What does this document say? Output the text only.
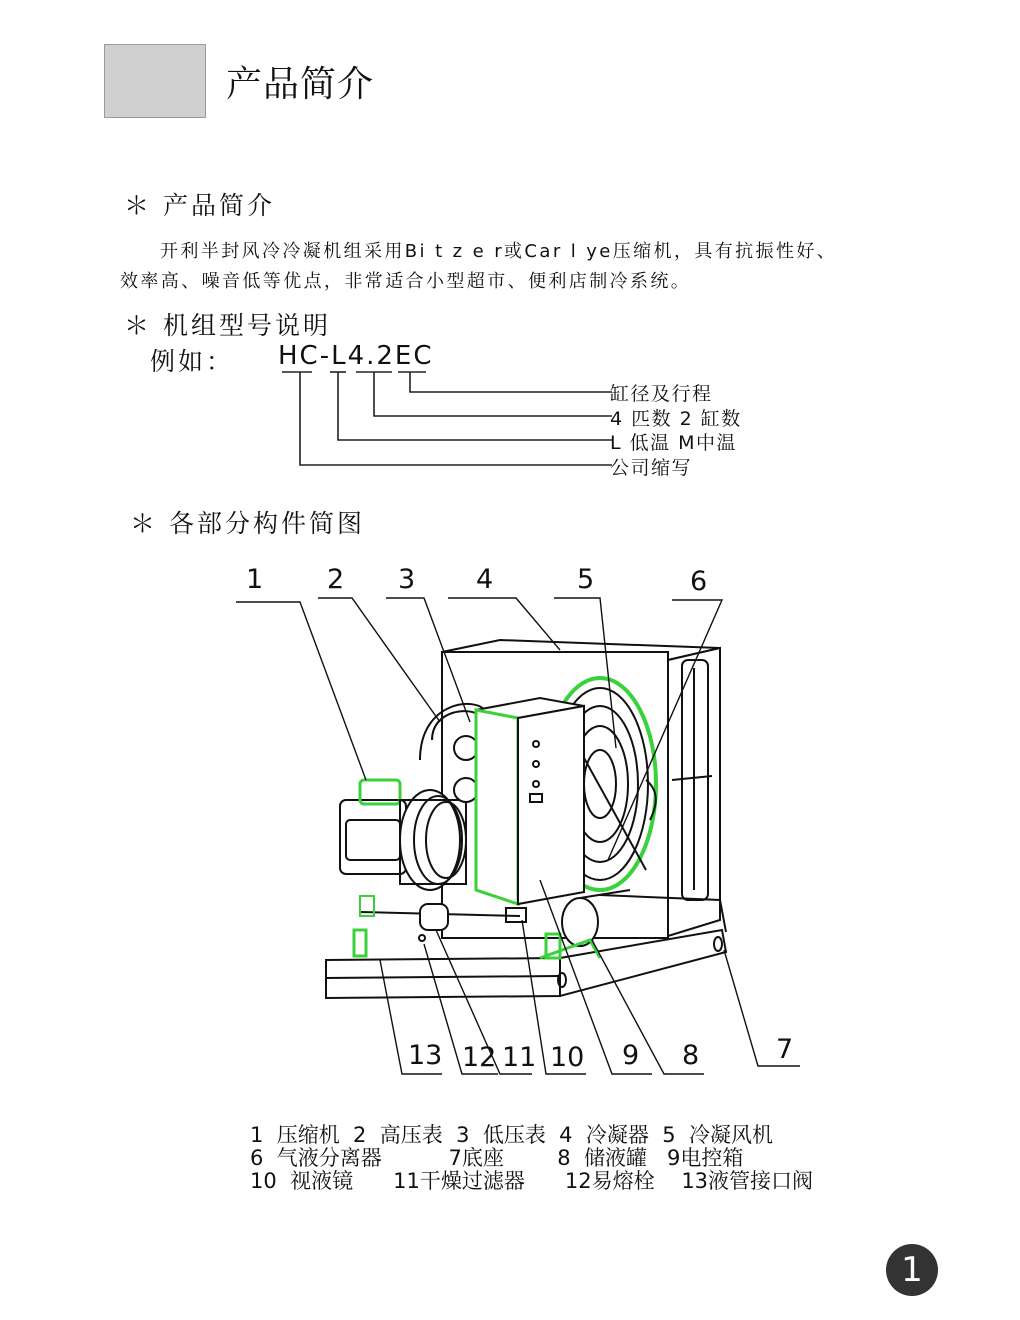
产品简介
＊ 产品简介
开利半封风冷冷凝机组采用Bi t z e r或Car l ye压缩机，具有抗振性好、
效率高、噪音低等优点，非常适合小型超市、便利店制冷系统。
＊ 机组型号说明
例如： HC-L4.2EC
缸径及行程
4 匹数 2 缸数
L 低温 M中温
公司缩写
＊ 各部分构件简图
1 2 3 4	5	6
13 12 11 10 9 8	7
1  压缩机  2  高压表  3  低压表  4  冷凝器  5  冷凝风机
6  气液分离器          7底座        8  储液罐   9电控箱
10  视液镜      11干燥过滤器      12易熔栓    13液管接口阀
1
